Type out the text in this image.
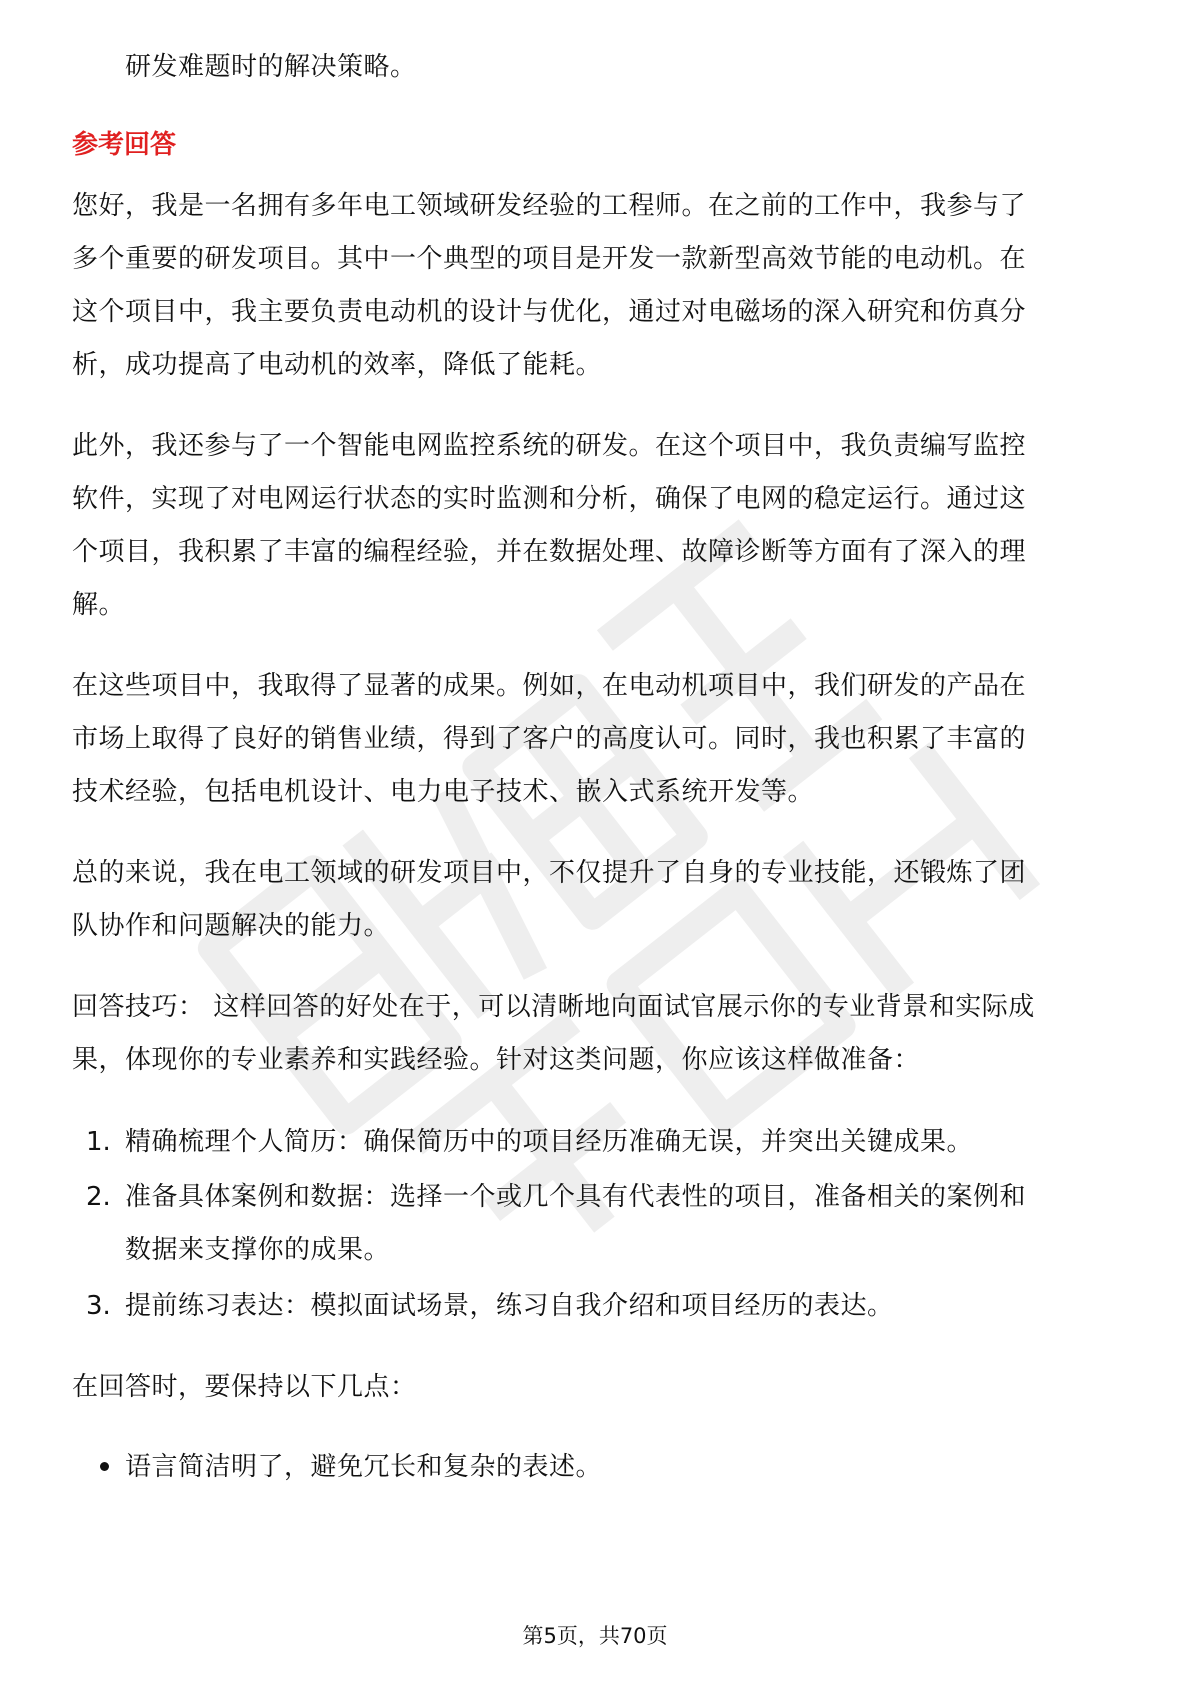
研发难题时的解决策略。
参考回答
您好，我是一名拥有多年电工领域研发经验的工程师。在之前的工作中，我参与了
多个重要的研发项目。其中一个典型的项目是开发一款新型高效节能的电动机。在
这个项目中，我主要负责电动机的设计与优化，通过对电磁场的深入研究和仿真分
析，成功提高了电动机的效率，降低了能耗。
此外，我还参与了一个智能电网监控系统的研发。在这个项目中，我负责编写监控
软件，实现了对电网运行状态的实时监测和分析，确保了电网的稳定运行。通过这
个项目，我积累了丰富的编程经验，并在数据处理、故障诊断等方面有了深入的理
解。
在这些项目中，我取得了显著的成果。例如，在电动机项目中，我们研发的产品在
市场上取得了良好的销售业绩，得到了客户的高度认可。同时，我也积累了丰富的
技术经验，包括电机设计、电力电子技术、嵌入式系统开发等。
总的来说，我在电工领域的研发项目中，不仅提升了自身的专业技能，还锻炼了团
队协作和问题解决的能力。
回答技巧： 这样回答的好处在于，可以清晰地向面试官展示你的专业背景和实际成
果，体现你的专业素养和实践经验。针对这类问题，你应该这样做准备：
1. 精确梳理个人简历：确保简历中的项目经历准确无误，并突出关键成果。
2. 准备具体案例和数据：选择一个或几个具有代表性的项目，准备相关的案例和
数据来支撑你的成果。
3. 提前练习表达：模拟面试场景，练习自我介绍和项目经历的表达。
在回答时，要保持以下几点：
语言简洁明了，避免冗长和复杂的表述。
第5页，共70页
